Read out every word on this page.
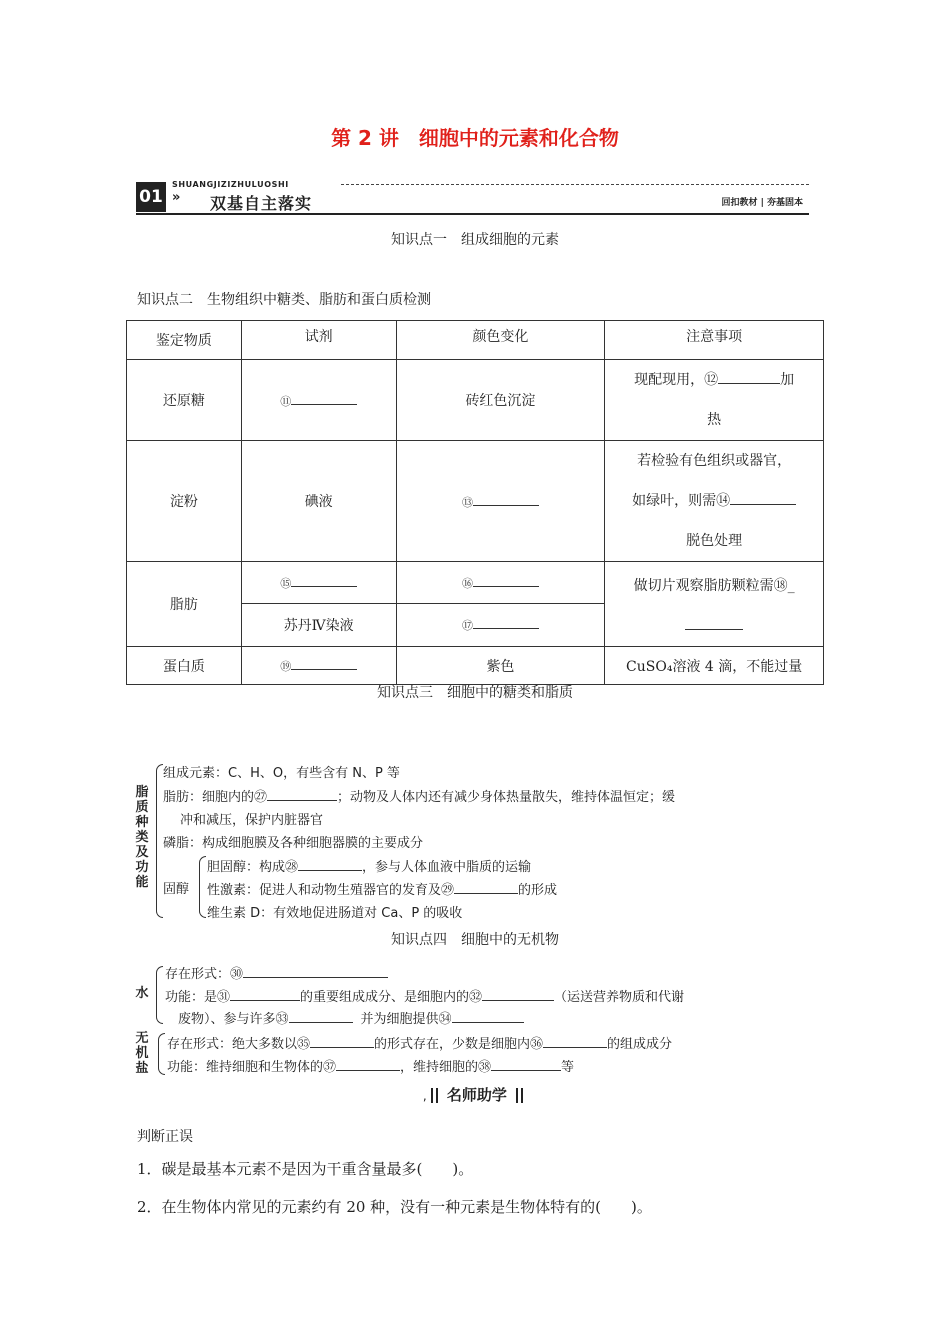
第 2 讲　细胞中的元素和化合物
01
SHUANGJIZIZHULUOSHI
» 双基自主落实	回扣教材 | 夯基固本
知识点一　组成细胞的元素
知识点二　生物组织中糖类、脂肪和蛋白质检测
鉴定物质	试剂	颜色变化	注意事项
还原糖	⑪	砖红色沉淀	现配现用，⑫ 加
热
淀粉	碘液	⑬	若检验有色组织或器官，
如绿叶，则需⑭
脱色处理
脂肪	⑮	⑯	做切片观察脂肪颗粒需⑱_

	苏丹Ⅳ染液	⑰	
蛋白质	⑲	紫色	CuSO₄溶液 4 滴，不能过量
知识点三　细胞中的糖类和脂质
脂
质
种
类
及
功
能
组成元素：C、H、O，有些含有 N、P 等
脂肪：细胞内的㉗	；动物及人体内还有减少身体热量散失，维持体温恒定；缓
冲和减压，保护内脏器官
磷脂：构成细胞膜及各种细胞器膜的主要成分
固醇
胆固醇：构成㉘	，参与人体血液中脂质的运输
性激素：促进人和动物生殖器官的发育及㉙	的形成
维生素 D：有效地促进肠道对 Ca、P 的吸收
知识点四　细胞中的无机物
水
存在形式：㉚
功能：是㉛	的重要组成成分、是细胞内的㉜	（运送营养物质和代谢
废物）、参与许多㉝	并为细胞提供㉞
无
机
盐
存在形式：绝大多数以㉟	的形式存在，少数是细胞内㊱	的组成成分
功能：维持细胞和生物体的㊲	，维持细胞的㊳	等
, 名师助学
判断正误
1．碳是最基本元素不是因为干重含量最多(　　)。
2．在生物体内常见的元素约有 20 种，没有一种元素是生物体特有的(　　)。
